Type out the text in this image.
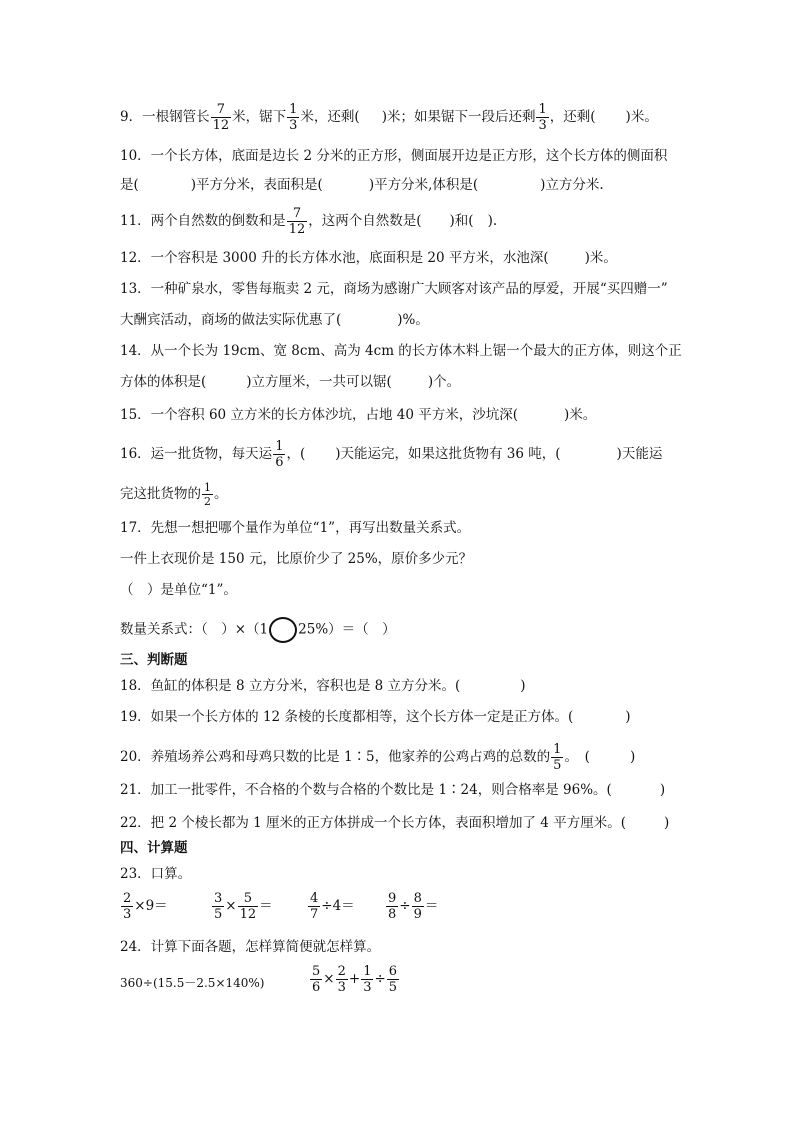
9．一根钢管长 $\frac{7}{12}$ 米，锯下 $\frac{1}{3}$ 米，还剩( )米；如果锯下一段后还剩 $\frac{1}{3}$ ，还剩( )米。
10．一个长方体，底面是边长 2 分米的正方形，侧面展开边是正方形，这个长方体的侧面积
是(	)平方分米，表面积是(	)平方分米,体积是(	)立方分米.
11．两个自然数的倒数和是 $\frac{7}{12}$ ，这两个自然数是( )和( ).
12．一个容积是 3000 升的长方体水池，底面积是 20 平方米，水池深(	)米。
13．一种矿泉水，零售每瓶卖 2 元，商场为感谢广大顾客对该产品的厚爱，开展“买四赠一”
大酬宾活动，商场的做法实际优惠了(	)%。
14．从一个长为 19cm、宽 8cm、高为 4cm 的长方体木料上锯一个最大的正方体，则这个正
方体的体积是(	)立方厘米，一共可以锯(	)个。
15．一个容积 60 立方米的长方体沙坑，占地 40 平方米，沙坑深(	)米。
16．运一批货物，每天运 $\frac{1}{6}$ ，( )天能运完，如果这批货物有 36 吨，(	)天能运
完这批货物的 $\frac{1}{2}$ 。
17．先想一想把哪个量作为单位“1”，再写出数量关系式。
一件上衣现价是 150 元，比原价少了 25%，原价多少元？
（　）是单位“1”。
数量关系式：（　）×（1 25%）＝（　）
三、判断题
18．鱼缸的体积是 8 立方分米，容积也是 8 立方分米。(	)
19．如果一个长方体的 12 条棱的长度都相等，这个长方体一定是正方体。(	)
20．养殖场养公鸡和母鸡只数的比是 1∶5，他家养的公鸡占鸡的总数的 $\frac{1}{5}$ 。　(	)
21．加工一批零件，不合格的个数与合格的个数比是 1∶24，则合格率是 96%。(	)
22．把 2 个棱长都为 1 厘米的正方体拼成一个长方体，表面积增加了 4 平方厘米。(	)
四、计算题
23．口算。
$\frac{2}{3} \times 9=$	$\frac{3}{5} \times \frac{5}{12}$ ＝	$\frac{4}{7} \div 4= \frac{9}{8} \div \frac{8}{9}$ ＝
24．计算下面各题，怎样算简便就怎样算。
360÷(15.5－2.5×140%)	$\frac{5}{6} \times \frac{2}{3} + \frac{1}{3} \div \frac{6}{5}$
